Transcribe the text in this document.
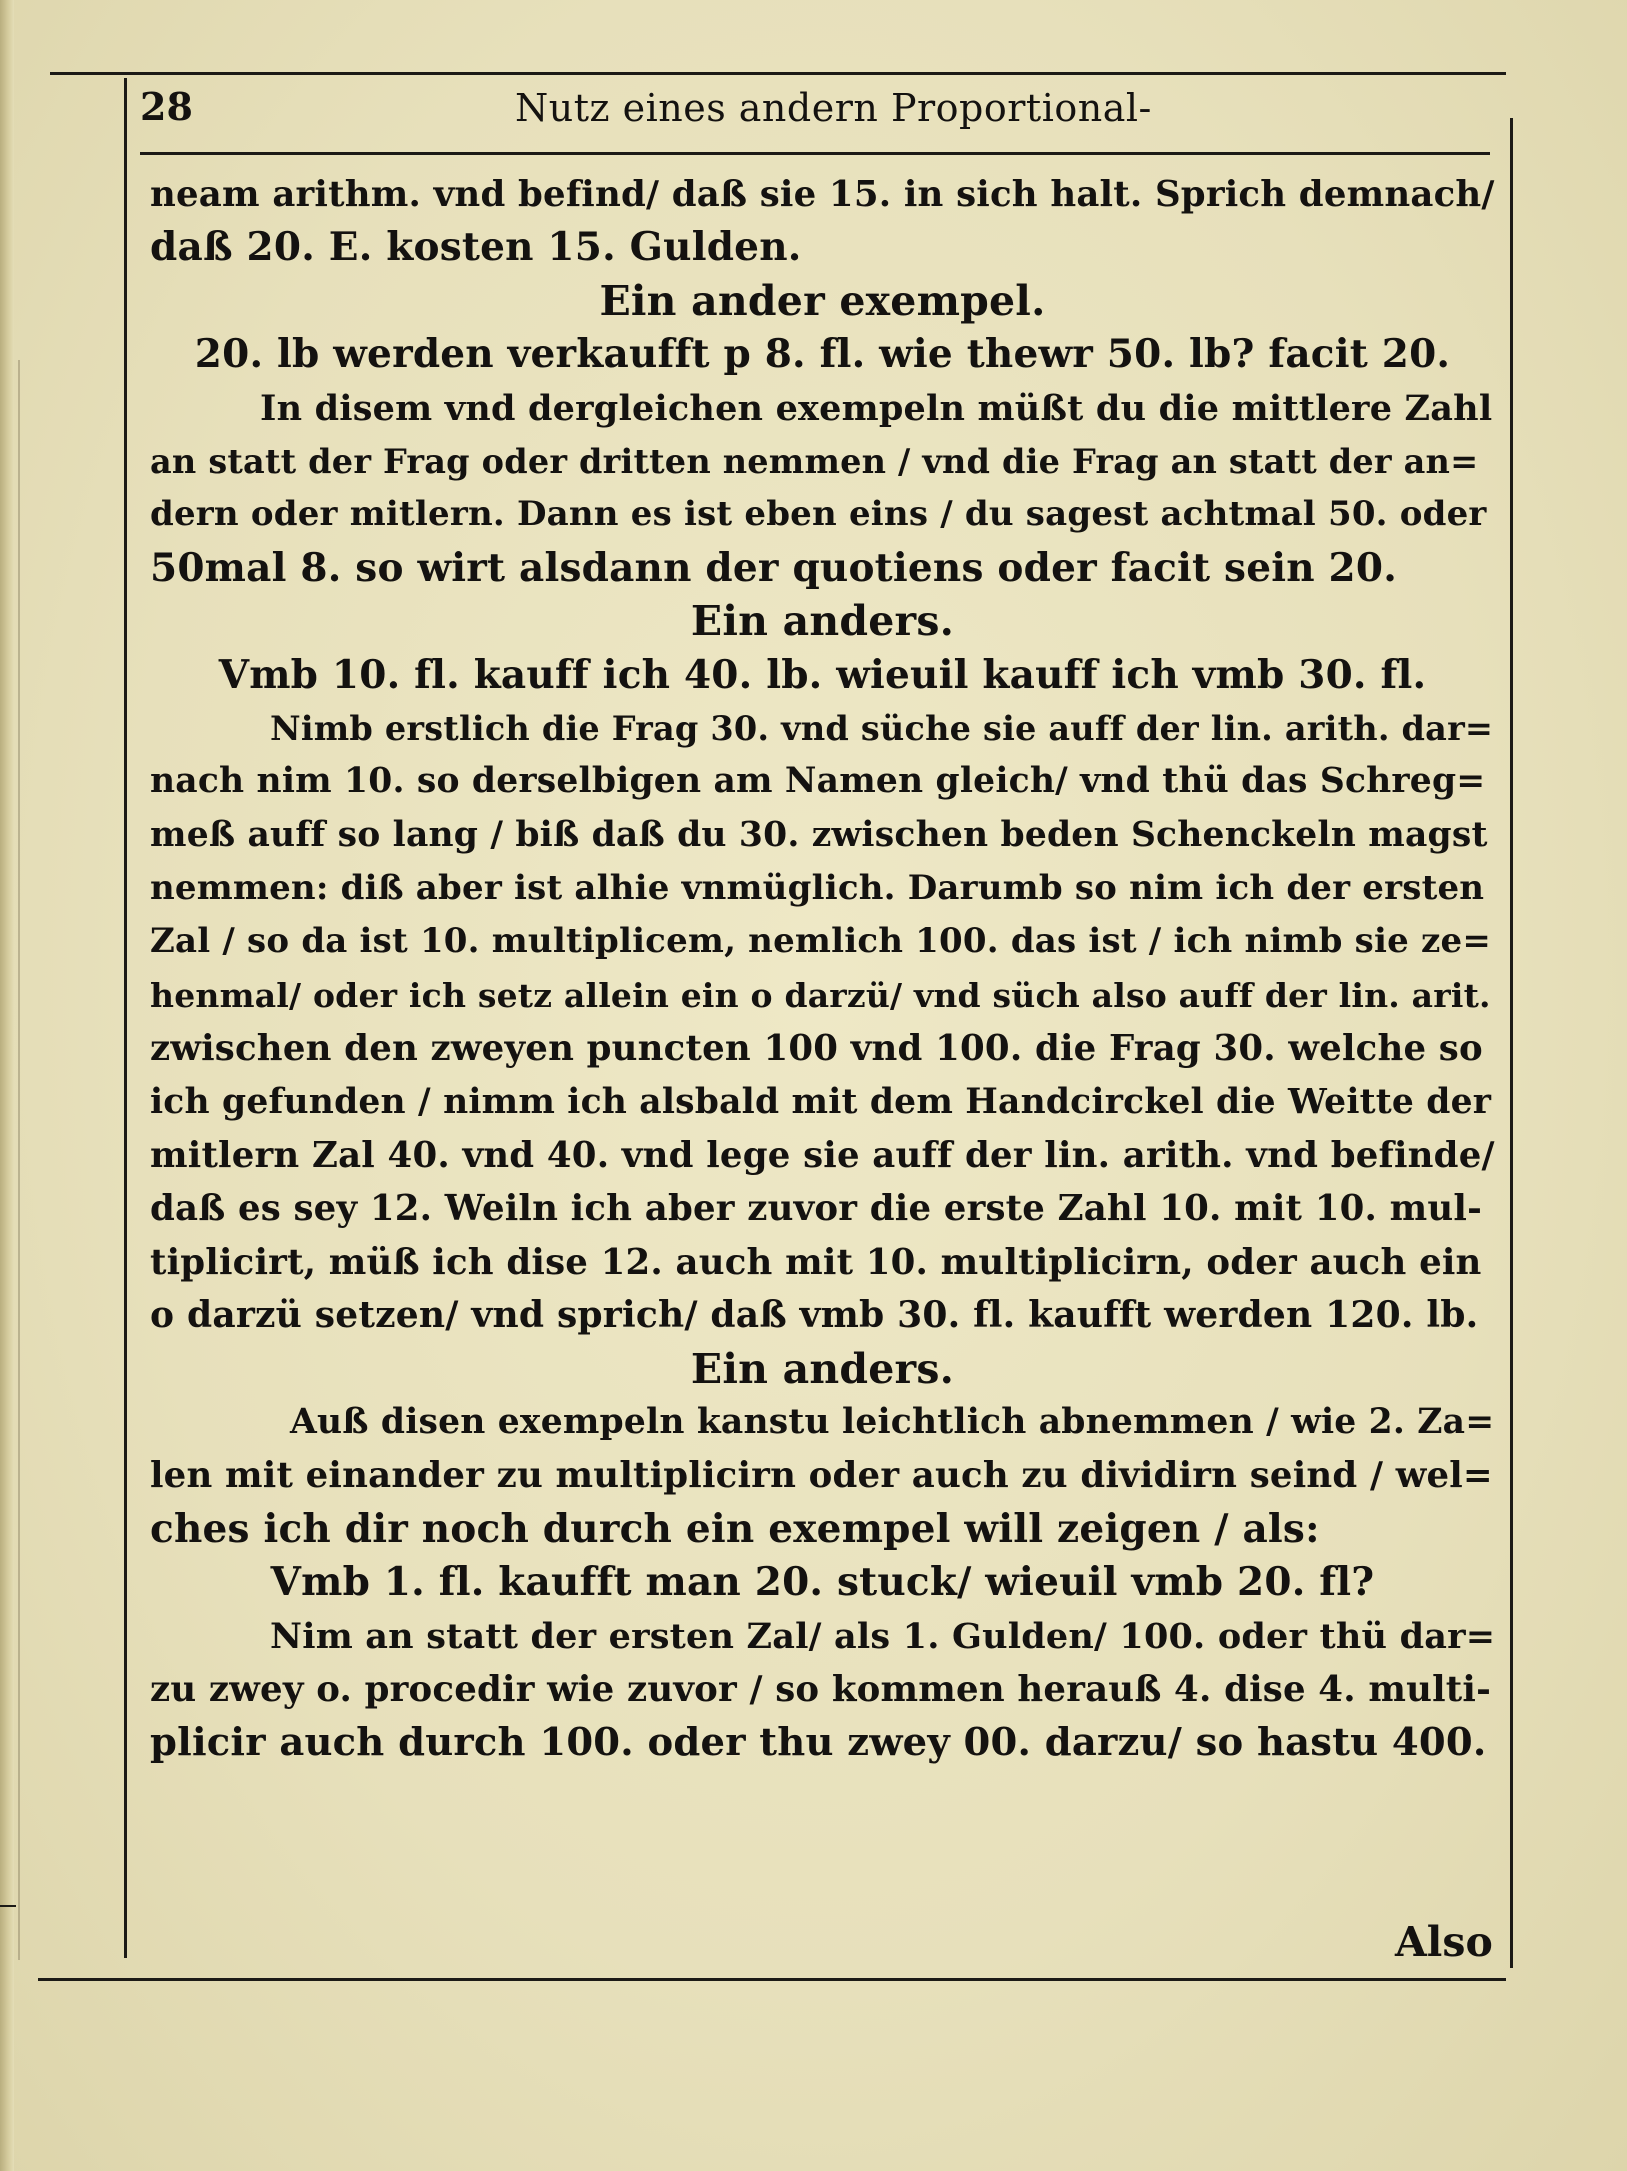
28	Nutz eines andern Proportional-
neam arithm. vnd befind/ daß sie 15. in sich halt. Sprich demnach/
daß 20. E. kosten 15. Gulden.
Ein ander exempel.
20. lb werden verkaufft p 8. fl. wie thewr 50. lb? facit 20.
In disem vnd dergleichen exempeln müßt du die mittlere Zahl
an statt der Frag oder dritten nemmen / vnd die Frag an statt der an=
dern oder mitlern. Dann es ist eben eins / du sagest achtmal 50. oder
50mal 8. so wirt alsdann der quotiens oder facit sein 20.
Ein anders.
Vmb 10. fl. kauff ich 40. lb. wieuil kauff ich vmb 30. fl.
Nimb erstlich die Frag 30. vnd süche sie auff der lin. arith. dar=
nach nim 10. so derselbigen am Namen gleich/ vnd thü das Schreg=
meß auff so lang / biß daß du 30. zwischen beden Schenckeln magst
nemmen: diß aber ist alhie vnmüglich. Darumb so nim ich der ersten
Zal / so da ist 10. multiplicem, nemlich 100. das ist / ich nimb sie ze=
henmal/ oder ich setz allein ein o darzü/ vnd süch also auff der lin. arit.
zwischen den zweyen puncten 100 vnd 100. die Frag 30. welche so
ich gefunden / nimm ich alsbald mit dem Handcirckel die Weitte der
mitlern Zal 40. vnd 40. vnd lege sie auff der lin. arith. vnd befinde/
daß es sey 12. Weiln ich aber zuvor die erste Zahl 10. mit 10. mul-
tiplicirt, müß ich dise 12. auch mit 10. multiplicirn, oder auch ein
o darzü setzen/ vnd sprich/ daß vmb 30. fl. kaufft werden 120. lb.
Ein anders.
Auß disen exempeln kanstu leichtlich abnemmen / wie 2. Za=
len mit einander zu multiplicirn oder auch zu dividirn seind / wel=
ches ich dir noch durch ein exempel will zeigen / als:
Vmb 1. fl. kaufft man 20. stuck/ wieuil vmb 20. fl?
Nim an statt der ersten Zal/ als 1. Gulden/ 100. oder thü dar=
zu zwey o. procedir wie zuvor / so kommen herauß 4. dise 4. multi-
plicir auch durch 100. oder thu zwey 00. darzu/ so hastu 400.
Also
